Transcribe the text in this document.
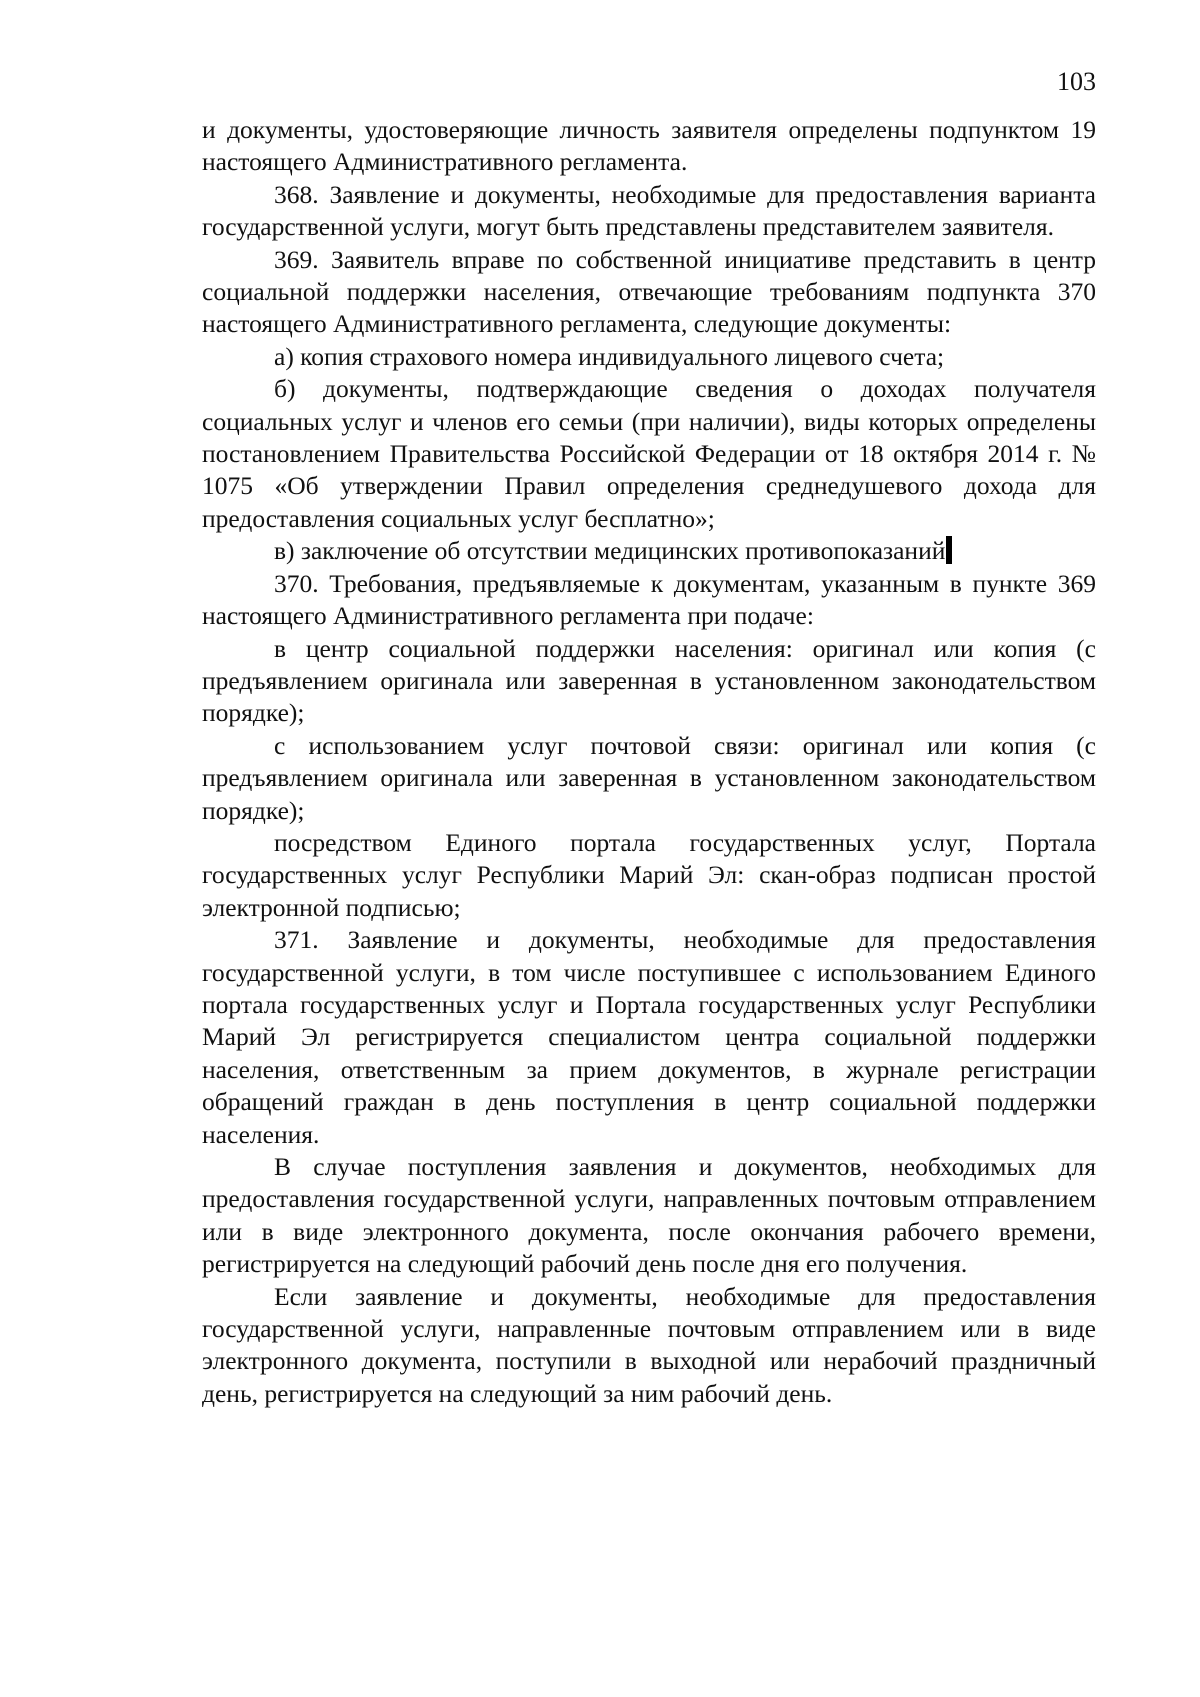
103

и документы, удостоверяющие личность заявителя определены подпунктом 19 настоящего Административного регламента.

368. Заявление и документы, необходимые для предоставления варианта государственной услуги, могут быть представлены представителем заявителя.

369. Заявитель вправе по собственной инициативе представить в центр социальной поддержки населения, отвечающие требованиям подпункта 370 настоящего Административного регламента, следующие документы:

а) копия страхового номера индивидуального лицевого счета;

б) документы, подтверждающие сведения о доходах получателя социальных услуг и членов его семьи (при наличии), виды которых определены постановлением Правительства Российской Федерации от 18 октября 2014 г. № 1075 «Об утверждении Правил определения среднедушевого дохода для предоставления социальных услуг бесплатно»;

в) заключение об отсутствии медицинских противопоказаний

370. Требования, предъявляемые к документам, указанным в пункте 369 настоящего Административного регламента при подаче:

в центр социальной поддержки населения: оригинал или копия (с предъявлением оригинала или заверенная в установленном законодательством порядке);

с использованием услуг почтовой связи: оригинал или копия (с предъявлением оригинала или заверенная в установленном законодательством порядке);

посредством Единого портала государственных услуг, Портала государственных услуг Республики Марий Эл: скан-образ подписан простой электронной подписью;

371. Заявление и документы, необходимые для предоставления государственной услуги, в том числе поступившее с использованием Единого портала государственных услуг и Портала государственных услуг Республики Марий Эл регистрируется специалистом центра социальной поддержки населения, ответственным за прием документов, в журнале регистрации обращений граждан в день поступления в центр социальной поддержки населения.

В случае поступления заявления и документов, необходимых для предоставления государственной услуги, направленных почтовым отправлением или в виде электронного документа, после окончания рабочего времени, регистрируется на следующий рабочий день после дня его получения.

Если заявление и документы, необходимые для предоставления государственной услуги, направленные почтовым отправлением или в виде электронного документа, поступили в выходной или нерабочий праздничный день, регистрируется на следующий за ним рабочий день.
